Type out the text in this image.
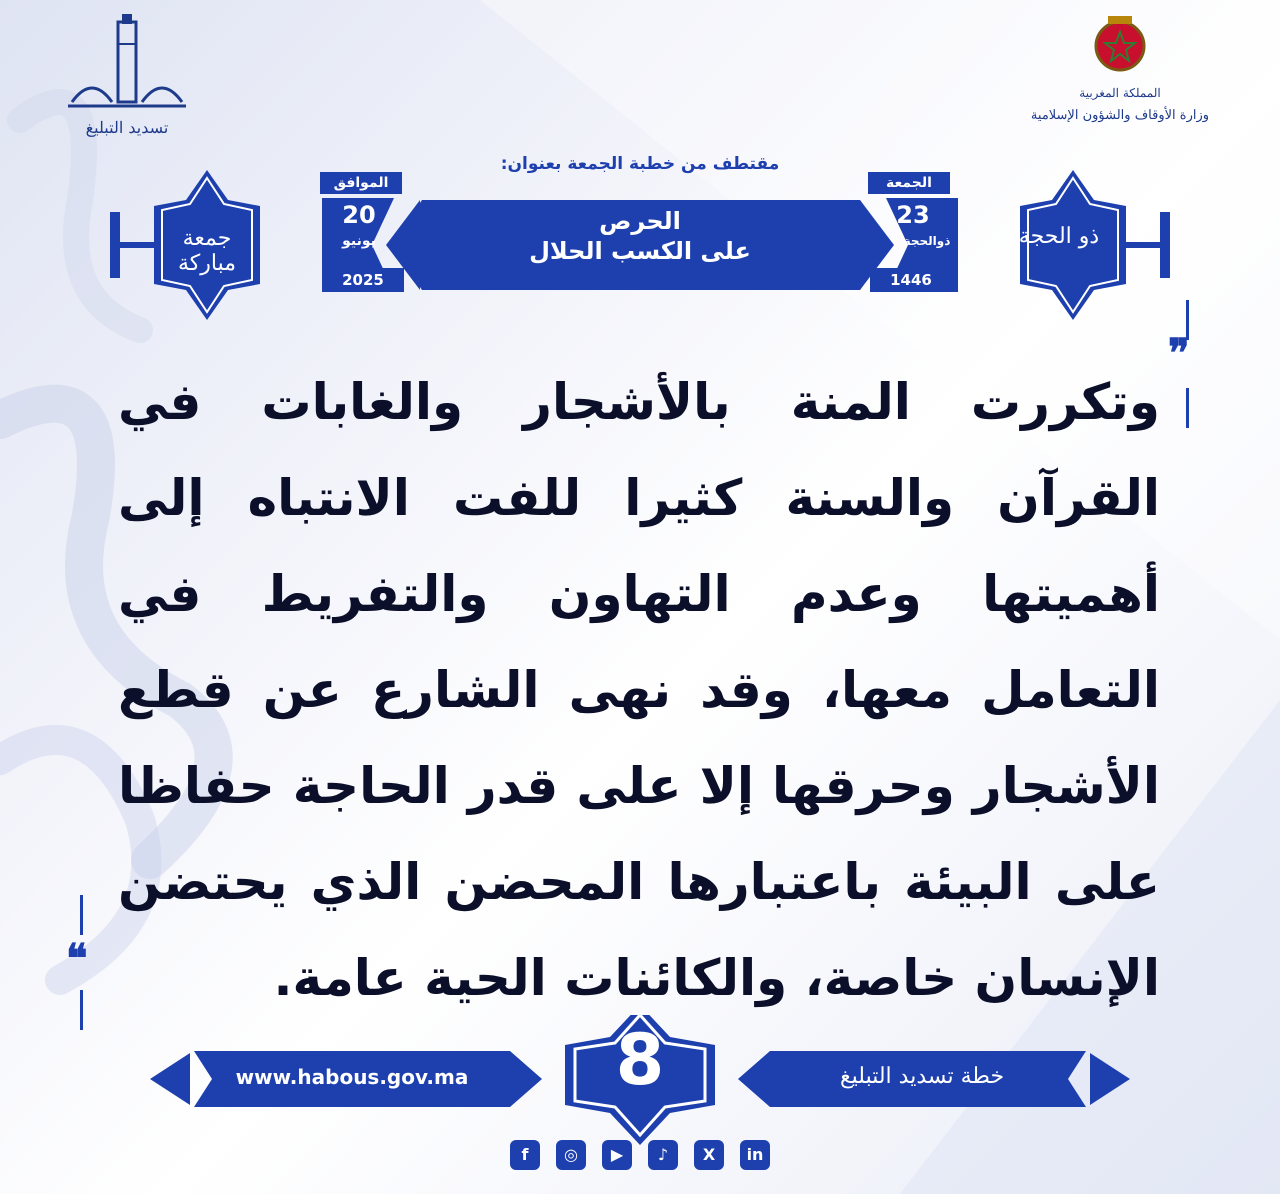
تسديد التبليغ
المملكة المغربية
وزارة الأوقاف والشؤون الإسلامية
مقتطف من خطبة الجمعة بعنوان:
الحرص
على الكسب الحلال
الموافق
20
يونيو
2025
الجمعة
23
ذوالحجة
1446
جمعة مباركة
ذو الحجة
❞
وتكررت المنة بالأشجار والغابات في القرآن والسنة كثيرا للفت الانتباه إلى أهميتها وعدم التهاون والتفريط في التعامل معها، وقد نهى الشارع عن قطع الأشجار وحرقها إلا على قدر الحاجة حفاظا على البيئة باعتبارها المحضن الذي يحتضن الإنسان خاصة، والكائنات الحية عامة.
❝
www.habous.gov.ma	8	خطة تسديد التبليغ
f	◎	▶	♪	X	in
